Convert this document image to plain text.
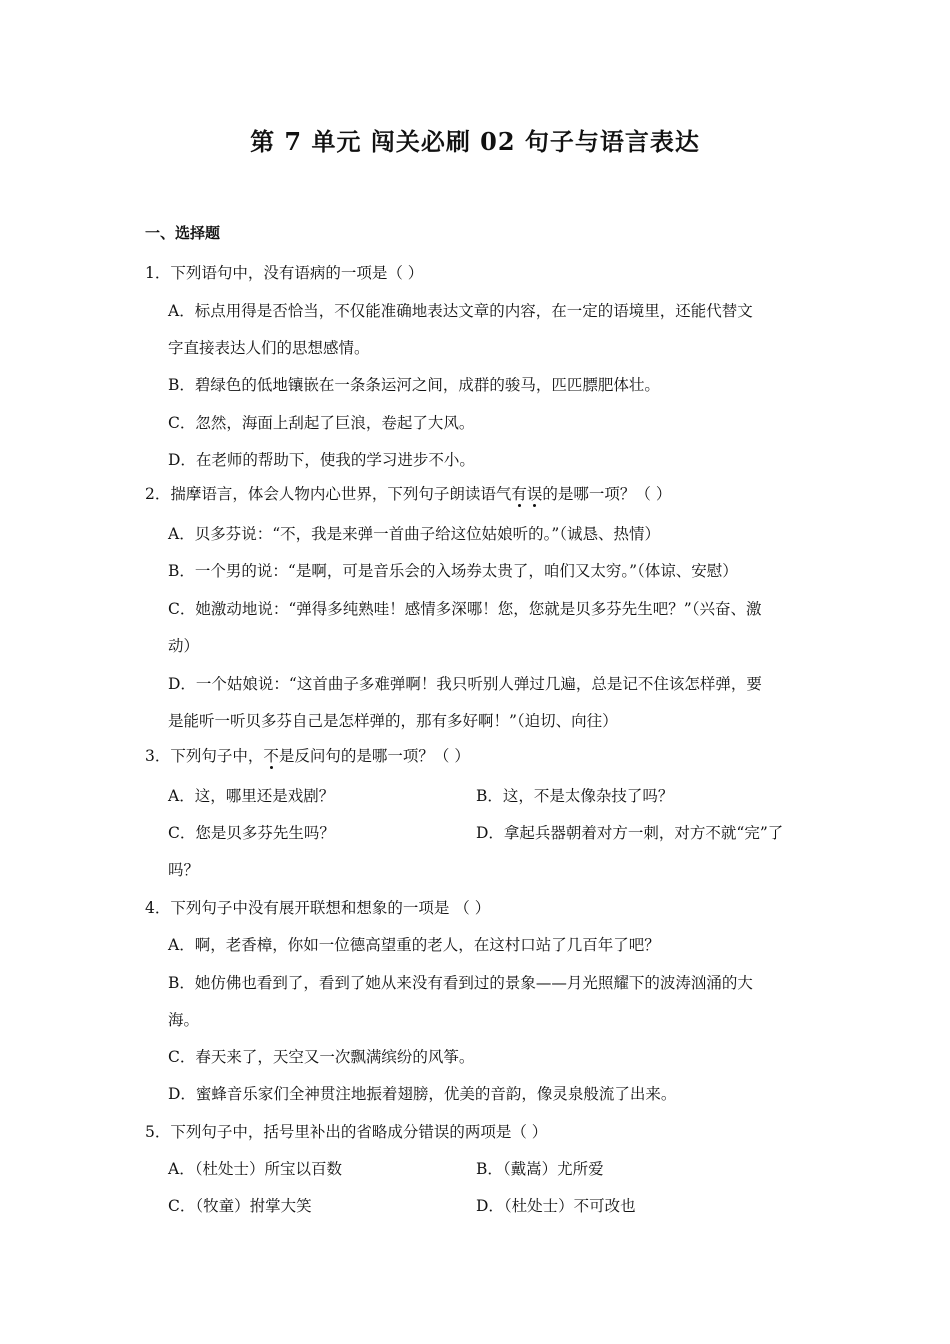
第 7 单元 闯关必刷 02 句子与语言表达
一、选择题
1．下列语句中，没有语病的一项是（ ）
A．标点用得是否恰当，不仅能准确地表达文章的内容，在一定的语境里，还能代替文
字直接表达人们的思想感情。
B．碧绿色的低地镶嵌在一条条运河之间，成群的骏马，匹匹膘肥体壮。
C．忽然，海面上刮起了巨浪，卷起了大风。
D．在老师的帮助下，使我的学习进步不小。
2．揣摩语言，体会人物内心世界，下列句子朗读语气有误的是哪一项？（ ）
A．贝多芬说：“不，我是来弹一首曲子给这位姑娘听的。”（诚恳、热情）
B．一个男的说：“是啊，可是音乐会的入场券太贵了，咱们又太穷。”（体谅、安慰）
C．她激动地说：“弹得多纯熟哇！感情多深哪！您，您就是贝多芬先生吧？”（兴奋、激
动）
D．一个姑娘说：“这首曲子多难弹啊！我只听别人弹过几遍，总是记不住该怎样弹，要
是能听一听贝多芬自己是怎样弹的，那有多好啊！”（迫切、向往）
3．下列句子中，不是反问句的是哪一项？（ ）
A．这，哪里还是戏剧？	B．这，不是太像杂技了吗？
C．您是贝多芬先生吗？	D．拿起兵器朝着对方一刺，对方不就“完”了
吗？
4．下列句子中没有展开联想和想象的一项是 （ ）
A．啊，老香樟，你如一位德高望重的老人，在这村口站了几百年了吧？
B．她仿佛也看到了，看到了她从来没有看到过的景象——月光照耀下的波涛汹涌的大
海。
C．春天来了，天空又一次飘满缤纷的风筝。
D．蜜蜂音乐家们全神贯注地振着翅膀，优美的音韵，像灵泉般流了出来。
5．下列句子中，括号里补出的省略成分错误的两项是（ ）
A．（杜处士）所宝以百数	B．（戴嵩）尤所爱
C．（牧童）拊掌大笑	D．（杜处士）不可改也
